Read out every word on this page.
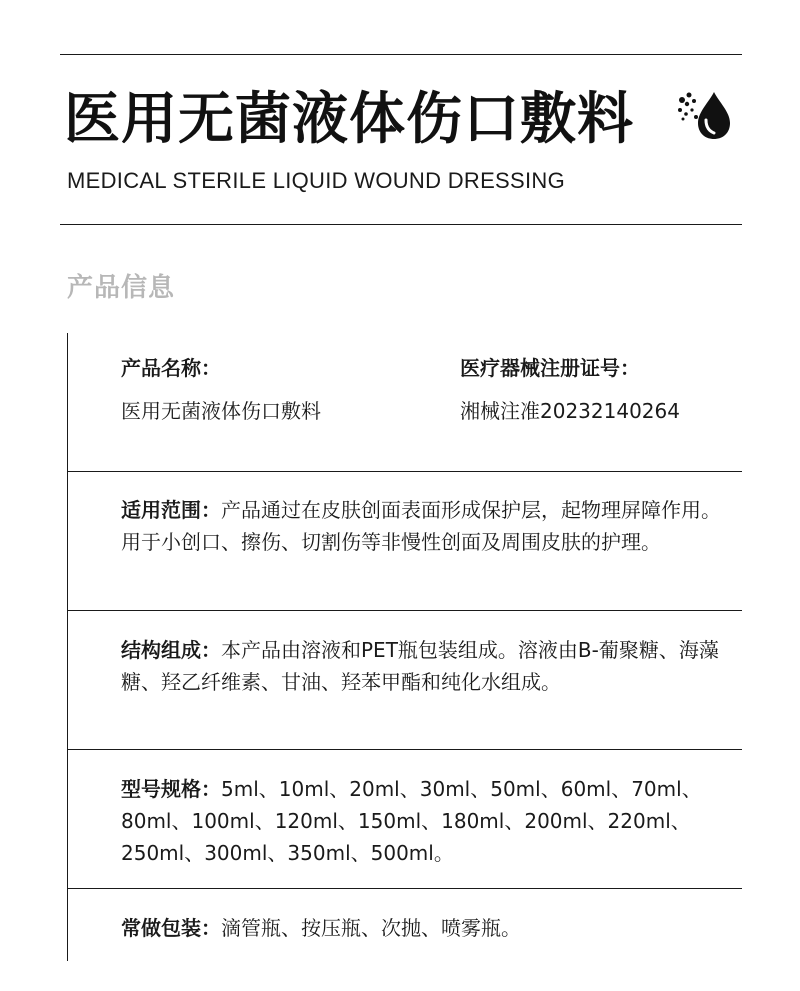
医用无菌液体伤口敷料
MEDICAL STERILE LIQUID WOUND DRESSING
产品信息
产品名称：
医用无菌液体伤口敷料
医疗器械注册证号：
湘械注准20232140264
适用范围：产品通过在皮肤创面表面形成保护层，起物理屏障作用。用于小创口、擦伤、切割伤等非慢性创面及周围皮肤的护理。
结构组成：本产品由溶液和PET瓶包装组成。溶液由B-葡聚糖、海藻糖、羟乙纤维素、甘油、羟苯甲酯和纯化水组成。
型号规格：5ml、10ml、20ml、30ml、50ml、60ml、70ml、80ml、100ml、120ml、150ml、180ml、200ml、220ml、250ml、300ml、350ml、500ml。
常做包装：滴管瓶、按压瓶、次抛、喷雾瓶。
